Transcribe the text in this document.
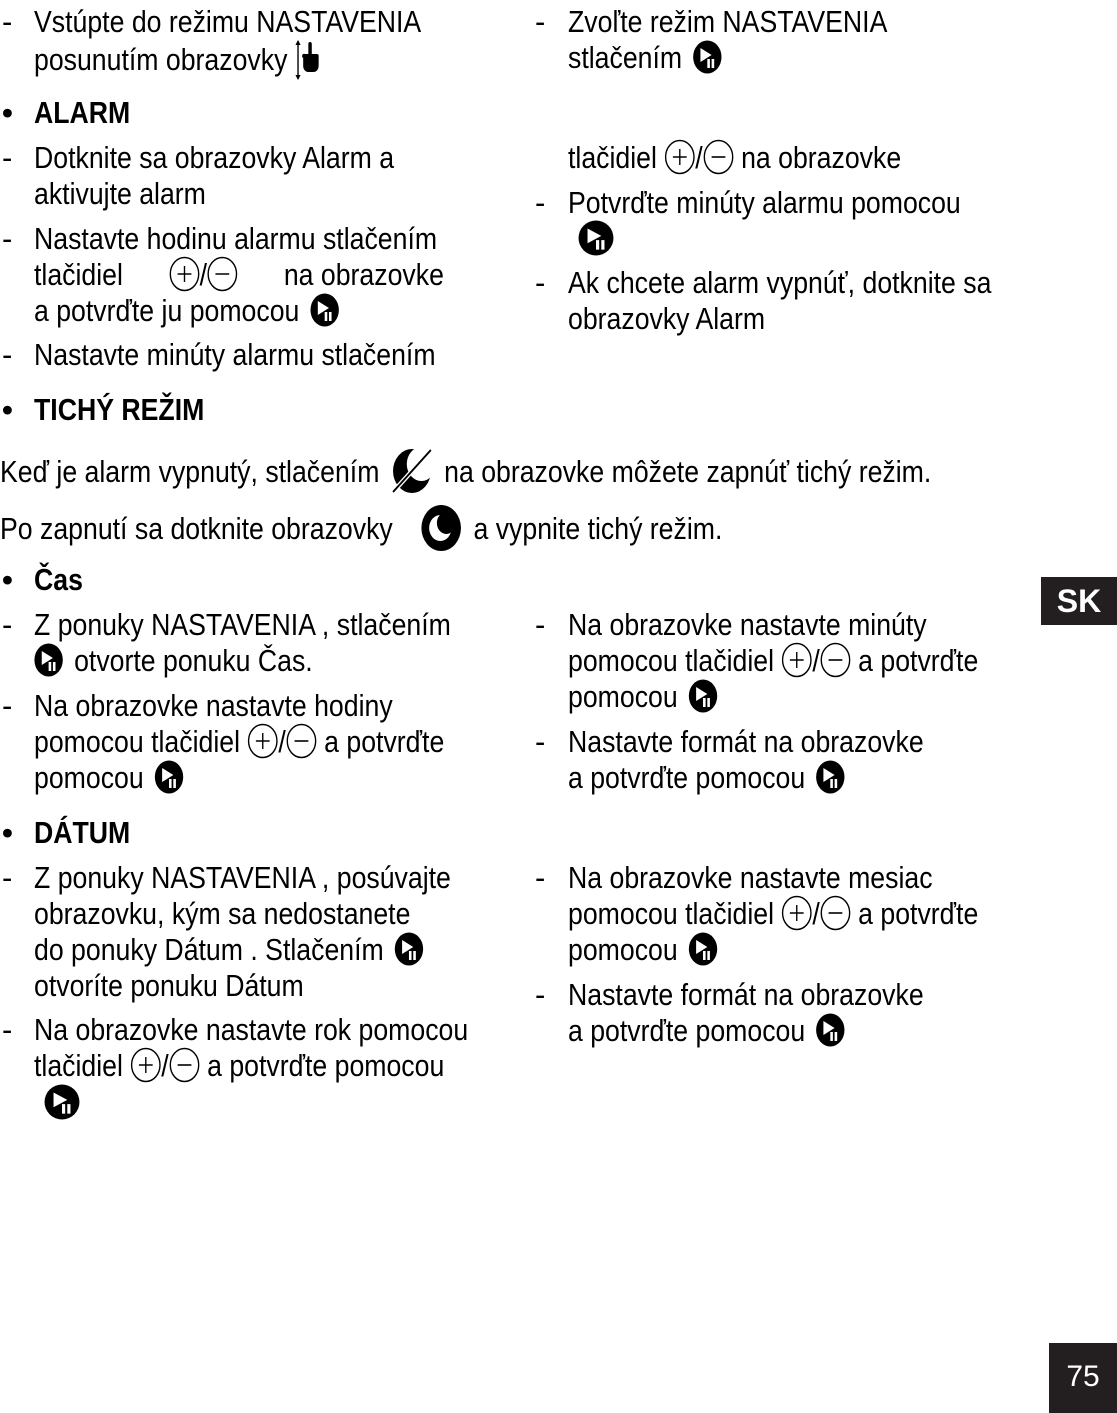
- Vstúpte do režimu NASTAVENIA
posunutím obrazovky
- Zvoľte režim NASTAVENIA
stlačením
• ALARM
- Dotknite sa obrazovky Alarm a
aktivujte alarm
- Nastavte hodinu alarmu stlačením
tlačidiel / na obrazovke
a potvrďte ju pomocou
- Nastavte minúty alarmu stlačením
tlačidiel / na obrazovke
- Potvrďte minúty alarmu pomocou
- Ak chcete alarm vypnúť, dotknite sa
obrazovky Alarm
• TICHÝ REŽIM
Keď je alarm vypnutý, stlačením na obrazovke môžete zapnúť tichý režim.
Po zapnutí sa dotknite obrazovky	a vypnite tichý režim.
• Čas
- Z ponuky NASTAVENIA , stlačením
otvorte ponuku Čas.
- Na obrazovke nastavte hodiny
pomocou tlačidiel / a potvrďte
pomocou
- Na obrazovke nastavte minúty
pomocou tlačidiel / a potvrďte
pomocou
- Nastavte formát na obrazovke
a potvrďte pomocou
• DÁTUM
- Z ponuky NASTAVENIA , posúvajte
obrazovku, kým sa nedostanete
do ponuky Dátum . Stlačením
otvoríte ponuku Dátum
- Na obrazovke nastavte rok pomocou
tlačidiel / a potvrďte pomocou
- Na obrazovke nastavte mesiac
pomocou tlačidiel / a potvrďte
pomocou
- Nastavte formát na obrazovke
a potvrďte pomocou
SK
75
